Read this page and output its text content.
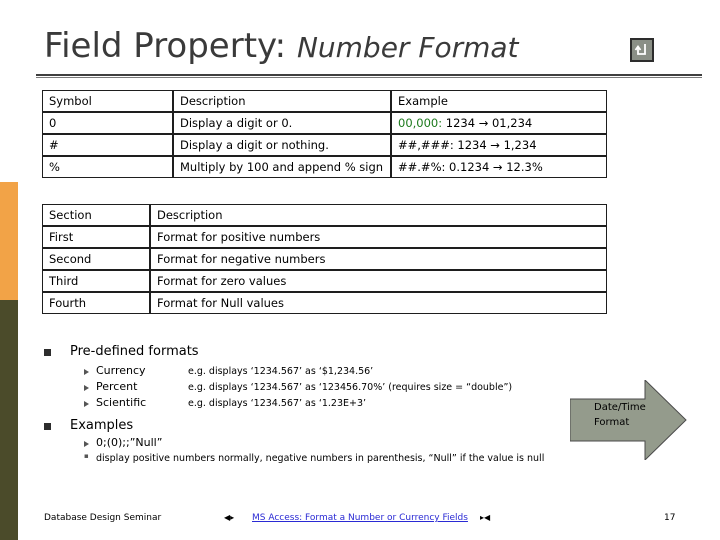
Field Property: Number Format
Symbol	Description	Example
0	Display a digit or 0.	00,000: 1234 → 01,234
#	Display a digit or nothing.	##,###: 1234 → 1,234
%	Multiply by 100 and append % sign	##.#%: 0.1234 → 12.3%
Section	Description
First	Format for positive numbers
Second	Format for negative numbers
Third	Format for zero values
Fourth	Format for Null values
Pre-defined formats
Currency	e.g. displays ‘1234.567’ as ‘$1,234.56’
Percent	e.g. displays ‘1234.567’ as ‘123456.70%’ (requires size = “double”)
Scientific	e.g. displays ‘1234.567’ as ‘1.23E+3’
Examples
0;(0);;”Null”
▪ display positive numbers normally, negative numbers in parenthesis, “Null” if the value is null
Date/Time
Format
Database Design Seminar	◀▸ MS Access: Format a Number or Currency Fields ▸◀	17
